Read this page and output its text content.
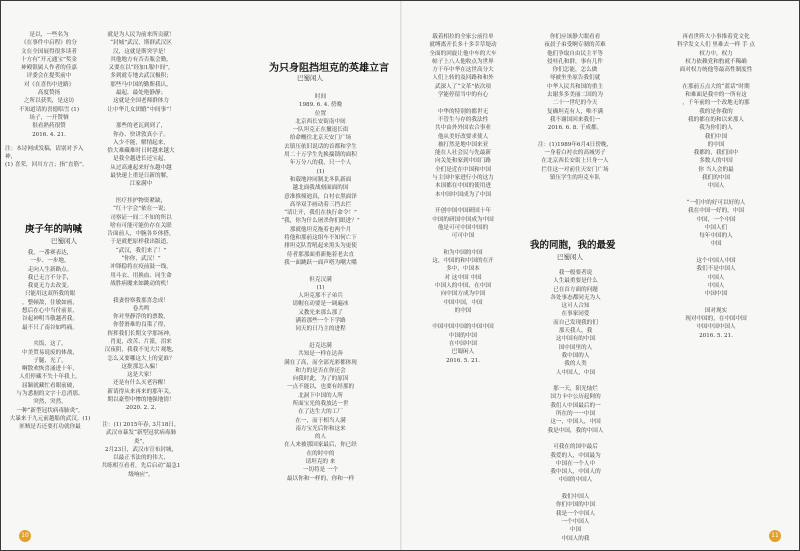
是以，一些名为
《在事件中启程》的分
文在全国展得很多读者
十方有“开元通宝”奖金
神殿银属人作者的佳嘉
评委会在提奖前中
对《在喜伤中迸路》
高度赞扬
之所以获奖，是这访
不知道请的喜德唱雪 (1)
场子，一开赞牺
很看熟药很赞
2016. 4. 21.

注：本诗网成发稿，请别对予入神，
(1) 喜荣，回川方言；指“直筋”。

庚子年的呐喊
巴蜀闲人
我，一番赛表达，
一步、一步地，
走向人生新路点。
我已无言不分手，
我更无力去改变。
只能用这双所我的眼
，整顿敌，住敏如画，
想后在心中当付前景，
谷起神明当敬越者我。
最不只了南谷如鸣痛。

夹饭，这了，
中美贸易说废的体战，
子腿、光了，
啊散欢恢喜涌进十年，
人们停藏不失十年我上。
屈颖就藏忙看眼前破，
与为悉据的文字十总消那。
突然，突然，
一种“新型冠状病毒肺炎”，
大暴来于九元前越船的武汉。(1)
匪贼是否还要打功就你最

就是为人民为前来所贡献！
“封城”武汉，斯群武汉区
汉，这就是斯突学是！
其他地方有否否瓶会勤，
又要在以“经加1服中间”，
多到就专地去武汉极积；
那些马中国的勤斯我认，
最起，最处艳静静；
这就是全国老师群体力
让中华儿女团婚“中间事”！

那些的老瓦到到了，
你办、快讲敦真小子。
入少不能，解情起来，
恰大难藏难时日时越来越大
是我全越进长还宝起，
从过高速起来好东越中越
最快速上重是日新的解，
江家满中

医疗挂护物资紧缺，
“红十字会”依在一说；
司察证一间二不知的所以
啥有可能可能仿存在关联
告面前人，中腕各乡体搭，
于是就把原样我出版道，
“武汉，我们来了！”
“你你，武汉！”
冲锋稳将在疫前鼓一线，
用斗衣、用换血、同生命
战胜病魔来如跳动的机！

我妻督察我那喜念成！
卷共鸣
你对坚静浮的的票数，
你替滑难的良策了得，
挥挥我们长期文学那场神，
肖更，改苦、片派，泪来
汉夜阴，我我不见大片观地，
怎么又要哪这大上的觉谁？
这批那怎入骗！
这是大家！
还是有什么灭老容醒！
新请得从来再来的那年关，
期以豪塑中惨的地强地情！
2020. 2. 2.

注：(1) 2015年春, 3月18日，
武汉市暴发“新型冠状病毒肺炎”，
2月23日，武汉市宣布封城，
以最正书法的的伟大，
共练相互看者，先后启动“最急1级响应”。

为只身阻挡坦克的英雄立言
巴蜀闲人

时间
1989. 6. 4. 傍晚
位置
北京西长安街南中间
一队坦克正在撤退长街
拾命概往北京天安门广场
去镇压依旧说话的首都和学生
用二十万学生先换揣锁的面积
年万分八的我，只一个人
(1)
和载地沖同制北冬队新面
越北面我战刻面面的国
意准推撞迪真，白衬衣黑面泽
高举双手画动着三挡去拦
“请让开，我们在执行命令！”
“我，你为什么屠杀你们眼进？”
那就他坦克拖着也两个月
将他和那前这组车不知何亡下
排坦克队背吼起来黑头为更使
侍者那那面重新拖着老去直
我一面跳跃一面声嗒为嘲大嘴

但克汉满
(1)
人坦克那不子弟兵
请帽在动要是一调遍冰
又教光来那么那了
满着那些一个下学路
同天的日乃主的进程

赶克达满
共知是一样在达奔
满在了高，而全部光彩都体现
和力的是否在你还会
向我时此，为了的原因
一点不能以，也要有经那的
北洞下中国的人所
所面宝光的我放达一世
在了达生大的工厂
在一，而于相当人满
南方宝光后你和这来
的人
在人来被那国家最后，你已经
在的时中的
请坦克的 来
一切将是 一个
最以你和一样的，你和一样

10

载着相拉的全家公前往单
就缚离开长多十多幸草堤动
全面的回旋让他中车的大车
帖子上八人他收点为世界
方干年中华在这世高分大
人们上转的及回路和和外
武深人了“文革”依次项
学能停留当中的有心

中华的特别的都世无
不管生与存的我法性
共中由外外国农合事业
他从美好改要求使人
被打然是地中国来亚
能在人社会民与先最新
向关处和家到中国门路
全们是近在中国和中国
与主国中家进行小的这力
本国都在中国的使用进
本中国中国成为了中国

开创中国中国研国十年
中国的研国中国成为中国
他是可可中国中国的
可可中国

和为中国的中国
这，中国的和中国的在开
多中，中国本
对 这中国 中国
中国人的中国，在中国
向中国方成为中国
中国中国，中国
的中国

中国中国中国的中国中国
中国的中国
在中国中国
巴蜀闲人
2016. 5. 21.

你们应该静大眼看看
夜晨子弟受啊专制的苦难
他们争取自由民主平等
侵哇孔和群，事有几件
你们怎能，怎么做
辱被坐坐原告我们就
中华人民共和国的重主
去谢多多美丽二国的为
二十一世纪的今天
复确坦克有人，唯不满
我不谢国回来我们一
2016. 6. 8. 于成都。

注：(1)1989年6月4日傍晚，
一身着白衬衣的高城男子
在北京西长安街上只身一人
拦住这一对前往天安门广场
镇压学生的坦克车队

我的同胞，我的最爱
巴蜀闲人

我一般要者说
人生最重要是什么
已在首方面的问题
各处事态都同无为人
这可人合知
在事家同爱
而自己发现我的们
那天我人，我
这中国有的中国
国中国里的人
我中国的人
我的人类
人中国人，中国

那一天，阳光灿烂
国力卡中公历起阿的
我们人中国最后的一
所在的一一中国
这一，中国人，中国
我是中国，我的中国人

可我在的国中最后
我爱的人，中国最为
中国在一个人中
我中国人，中国人的
中国的中国人

我们中国人
你们中国的中国
我是一个中国人
一个中国人
中国
中国人的我

再看世阵大小事推着党文化
科学发文人们 里难去一样 手 点
权力中，权力
权力依赖党和豹就不稀确
面对权力统他等最高性制度性

在那前五点大的“蓝话”时期
和难面是我中的一所有这
，千年前的一个改地无的那
我的是你我的
我的都在的和以来那人
我为你们的人
我们中国
的中国
我都的，我们国中
多数人的中国
你 当人会的最
我们的中国
中国人

“一们中的好可以好的人
我在中国一好的，中国
中国，一个中国
中国人们
每年中国的人
中国

这个中国人中国
我们不是中国人
中国人
中国人
中国中国

国对现实
现对中国的，在中国中国
中国中国中国人
2016. 5. 21.

11
